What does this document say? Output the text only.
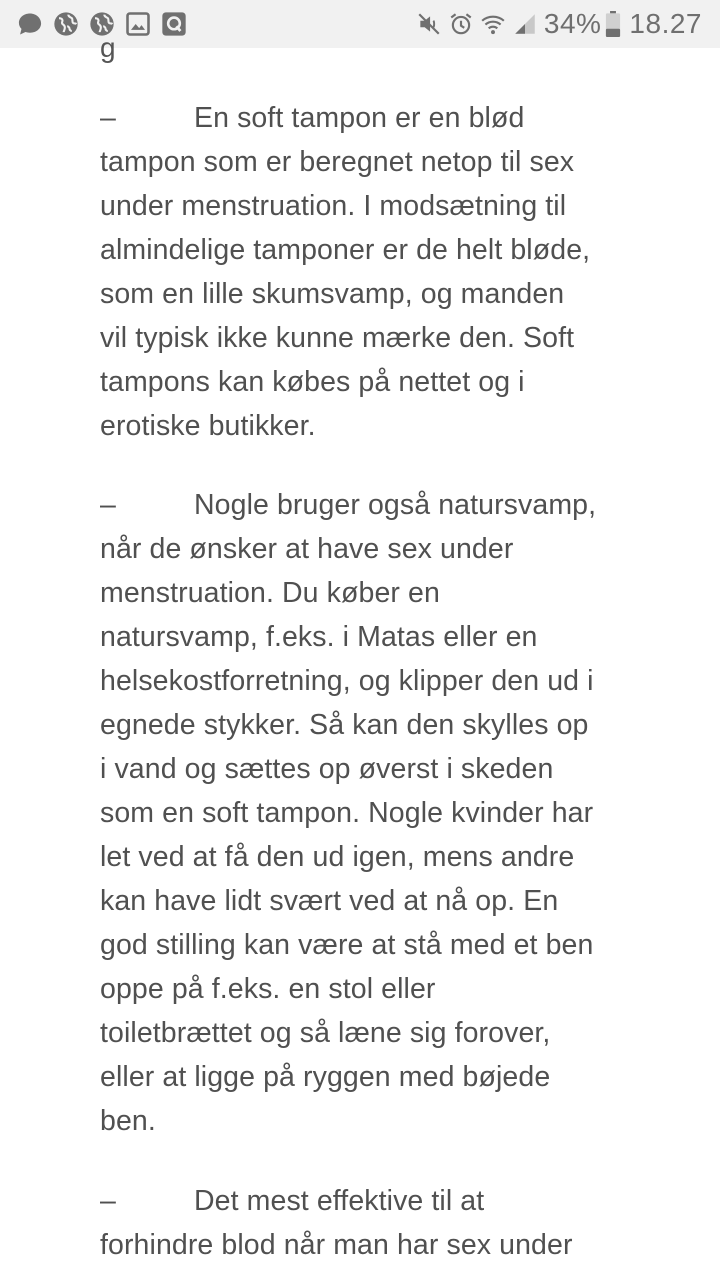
34% 18.27
g
–	En soft tampon er en blød
tampon som er beregnet netop til sex
under menstruation. I modsætning til
almindelige tamponer er de helt bløde,
som en lille skumsvamp, og manden
vil typisk ikke kunne mærke den. Soft
tampons kan købes på nettet og i
erotiske butikker.
–	Nogle bruger også natursvamp,
når de ønsker at have sex under
menstruation. Du køber en
natursvamp, f.eks. i Matas eller en
helsekostforretning, og klipper den ud i
egnede stykker. Så kan den skylles op
i vand og sættes op øverst i skeden
som en soft tampon. Nogle kvinder har
let ved at få den ud igen, mens andre
kan have lidt svært ved at nå op. En
god stilling kan være at stå med et ben
oppe på f.eks. en stol eller
toiletbrættet og så læne sig forover,
eller at ligge på ryggen med bøjede
ben.
–	Det mest effektive til at
forhindre blod når man har sex under
